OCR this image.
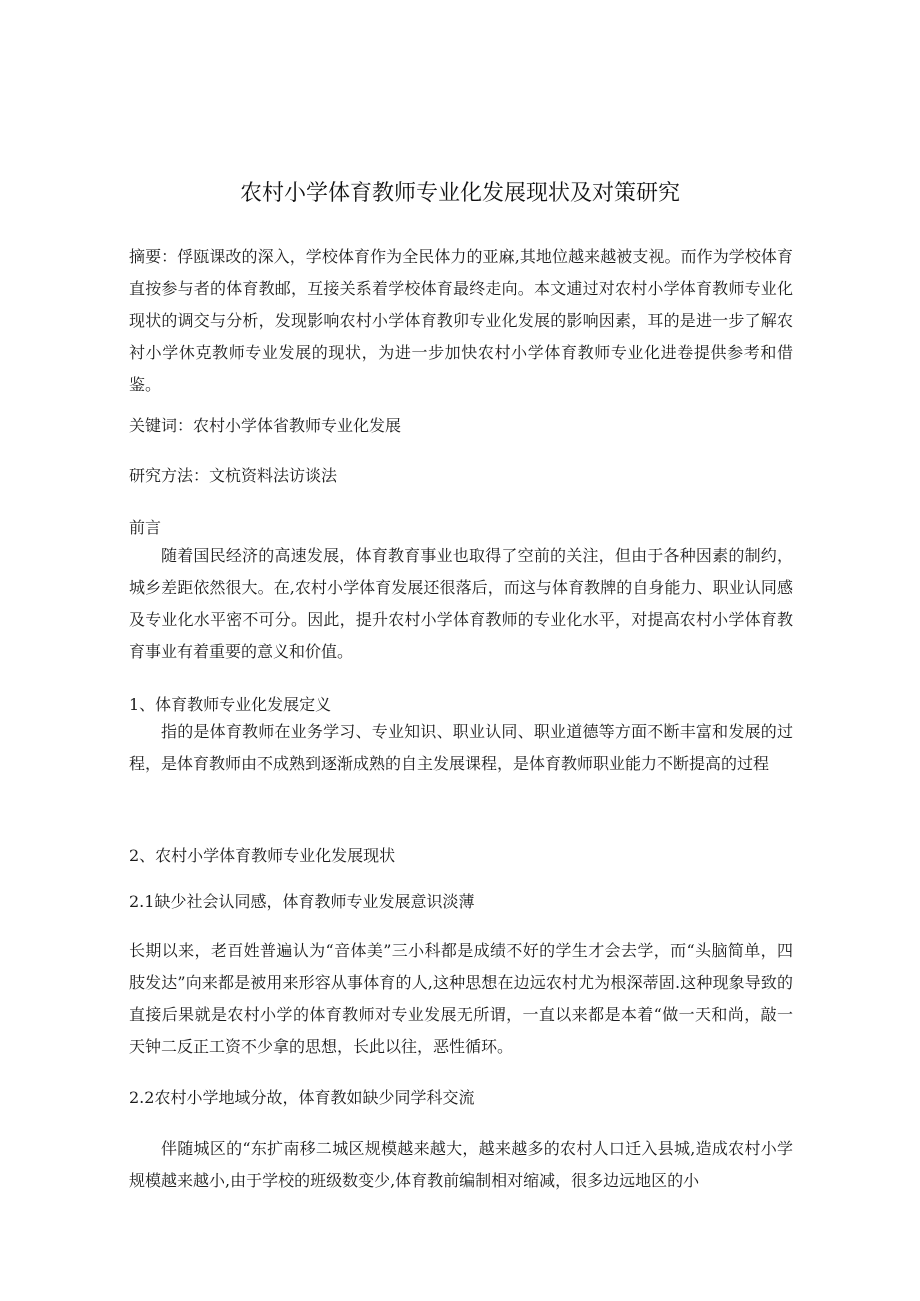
农村小学体育教师专业化发展现状及对策研究
摘要：俘瓯课改的深入，学校体育作为全民体力的亚麻,其地位越来越被支视。而作为学校体育直按参与者的体育教邮，互接关系着学校体育最终走向。本文逋过对农村小学体育教师专业化现状的调交与分析，发现影响农村小学体育教卯专业化发展的影响因素，耳的是进一步了解农衬小学休克教师专业发展的现状，为进一步加快农村小学体育教师专业化进卷提供参考和借鉴。
关键词：农村小学体省教师专业化发展
研究方法：文杭资料法访谈法
前言
随着国民经济的高速发展，体育教育事业也取得了空前的关注，但由于各种因素的制约，城乡差距依然很大。在,农村小学体育发展还很落后，而这与体育教牌的自身能力、职业认同感及专业化水平密不可分。因此，提升农村小学体育教师的专业化水平，对提高农村小学体育教育事业有着重要的意义和价值。
1、体育教师专业化发展定义
指的是体育教师在业务学习、专业知识、职业认同、职业道德等方面不断丰富和发展的过程，是体育教师由不成熟到逐渐成熟的自主发展课程，是体育教师职业能力不断提高的过程
2、农村小学体育教师专业化发展现状
2.1缺少社会认同感，体育教师专业发展意识淡薄
长期以来，老百姓普遍认为“音体美”三小科都是成绩不好的学生才会去学，而“头脑简单，四肢发达”向来都是被用来形容从事体育的人,这种思想在边远农村尤为根深蒂固.这种现象导致的直接后果就是农村小学的体育教师对专业发展无所谓，一直以来都是本着“做一天和尚，敲一天钟二反正工资不少拿的思想，长此以往，恶性循环。
2.2农村小学地域分故，体育教如缺少同学科交流
伴随城区的“东扩南移二城区规模越来越大，越来越多的农村人口迁入县城,造成农村小学规模越来越小,由于学校的班级数变少,体育教前编制相对缩减，很多边远地区的小
